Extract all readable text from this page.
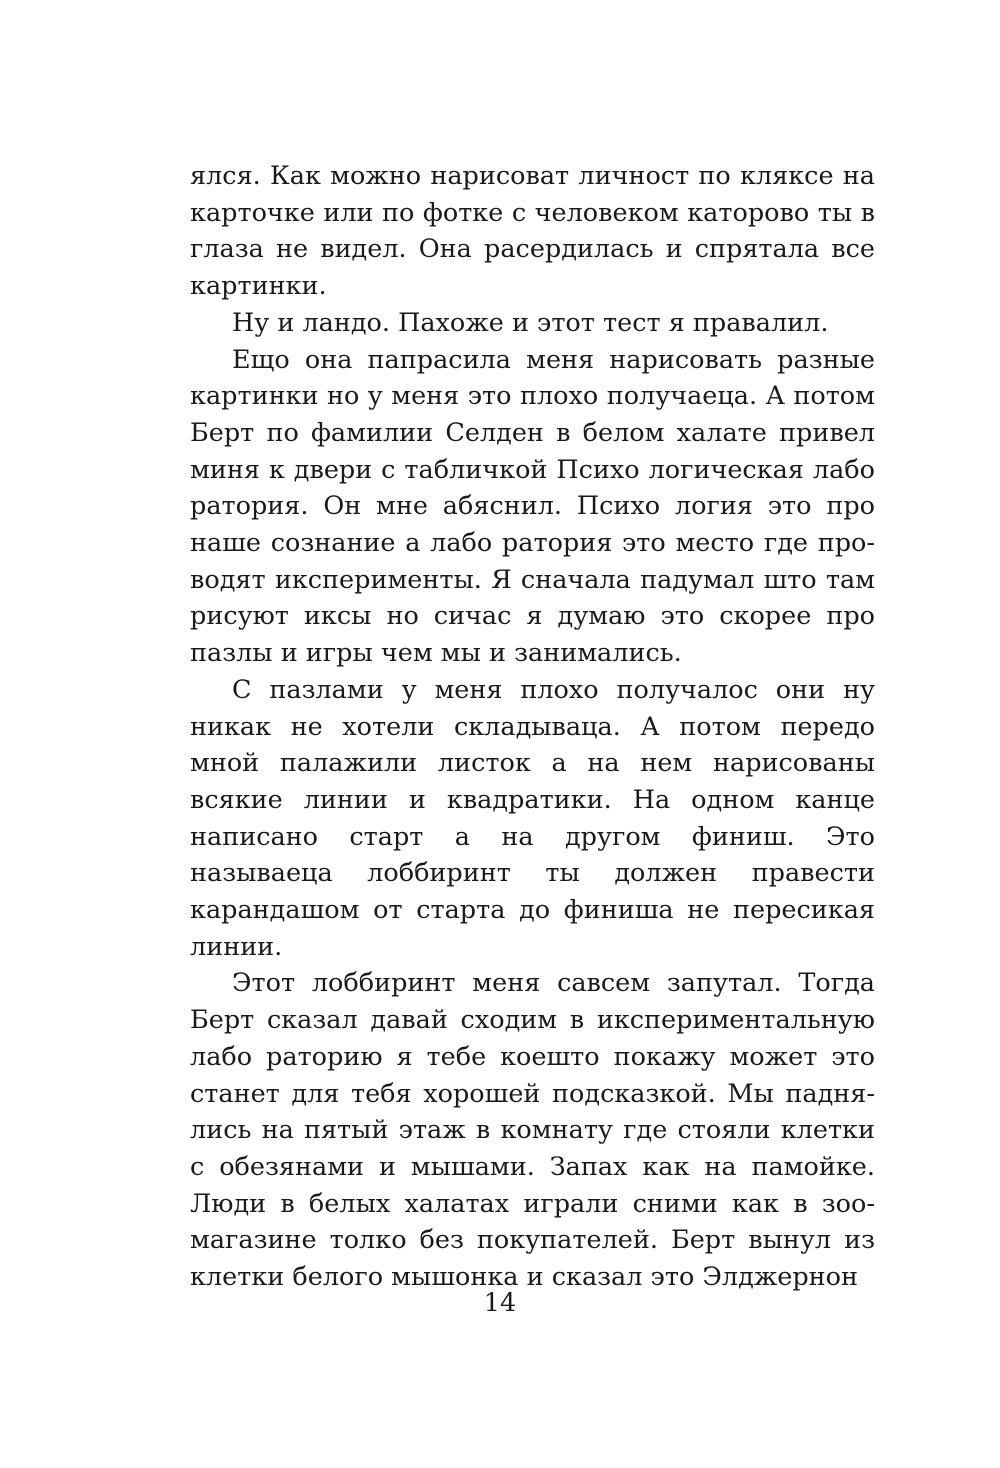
ялся. Как можно нарисоват личност по кляксе на карточке или по фотке с человеком каторово ты в глаза не видел. Она расердилась и спрятала все картинки.

Ну и ландо. Пахоже и этот тест я правалил.

Ещо она папрасила меня нарисовать разные картинки но у меня это плохо получаеца. А потом Берт по фамилии Селден в белом халате привел миня к двери с табличкой Психо логическая лабо ратория. Он мне абяснил. Психо логия это про наше сознание а лабо ратория это место где проводят иксперименты. Я сначала падумал што там рисуют иксы но сичас я думаю это скорее про пазлы и игры чем мы и занимались.

С пазлами у меня плохо получалос они ну никак не хотели складываца. А потом передо мной палажили листок а на нем нарисованы всякие линии и квадратики. На одном канце написано старт а на другом финиш. Это называеца лоббиринт ты должен правести карандашом от старта до финиша не пересикая линии.

Этот лоббиринт меня савсем запутал. Тогда Берт сказал давай сходим в икспериментальную лабо раторию я тебе коешто покажу может это станет для тебя хорошей подсказкой. Мы паднялись на пятый этаж в комнату где стояли клетки с обезянами и мышами. Запах как на памойке. Люди в белых халатах играли сними как в зоомагазине толко без покупателей. Берт вынул из клетки белого мышонка и сказал это Элджернон

14
